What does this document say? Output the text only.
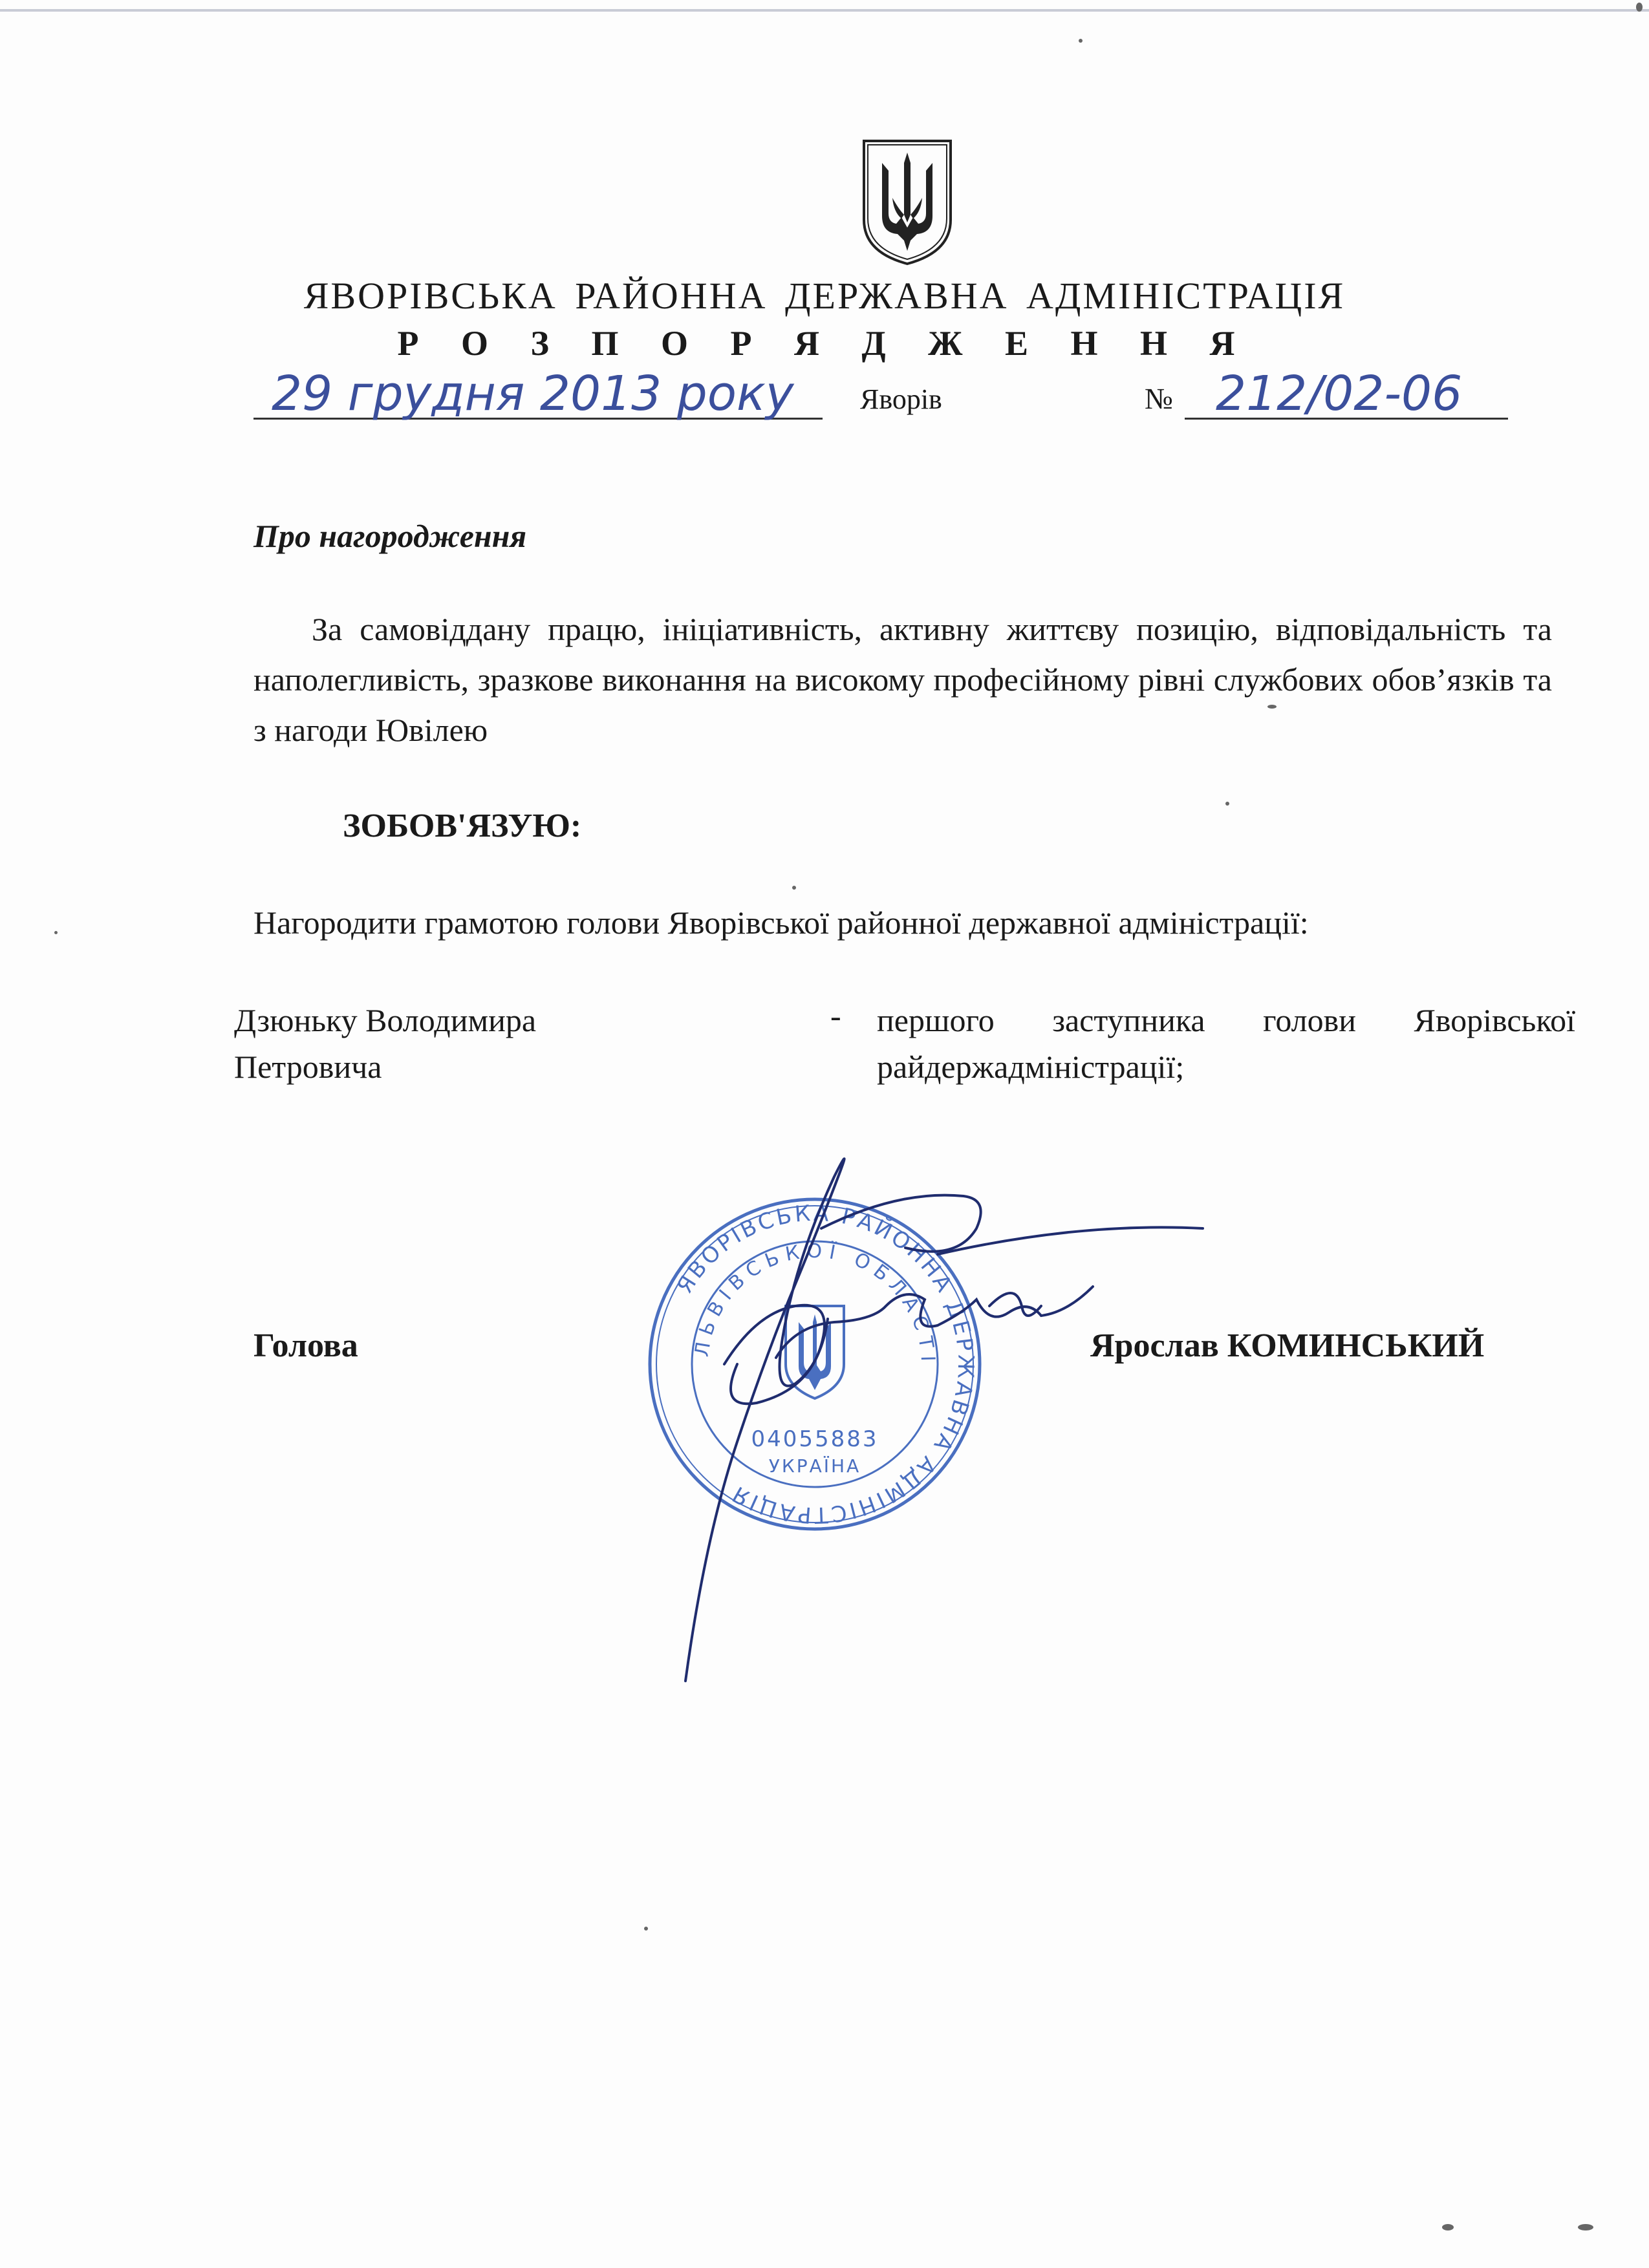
ЯВОРІВСЬКА РАЙОННА ДЕРЖАВНА АДМІНІСТРАЦІЯ
Р О З П О Р Я Д Ж Е Н Н Я
29 грудня 2013 року Яворів	№ 212/02-06
Про нагородження
За самовіддану працю, ініціативність, активну життєву позицію, відповідальність та наполегливість, зразкове виконання на високому професійному рівні службових обов’язків та з нагоди Ювілею
ЗОБОВ'ЯЗУЮ:
Нагородити грамотою голови Яворівської районної державної адміністрації:
Дзюньку Володимира
Петровича
- першого заступника голови Яворівської
райдержадміністрації;
ЯВОРІВСЬКА РАЙОННА ДЕРЖАВНА АДМІНІСТРАЦІЯ
ЛЬВІВСЬКОЇ ОБЛАСТІ
04055883
УКРАЇНА
Голова	Ярослав КОМИНСЬКИЙ
